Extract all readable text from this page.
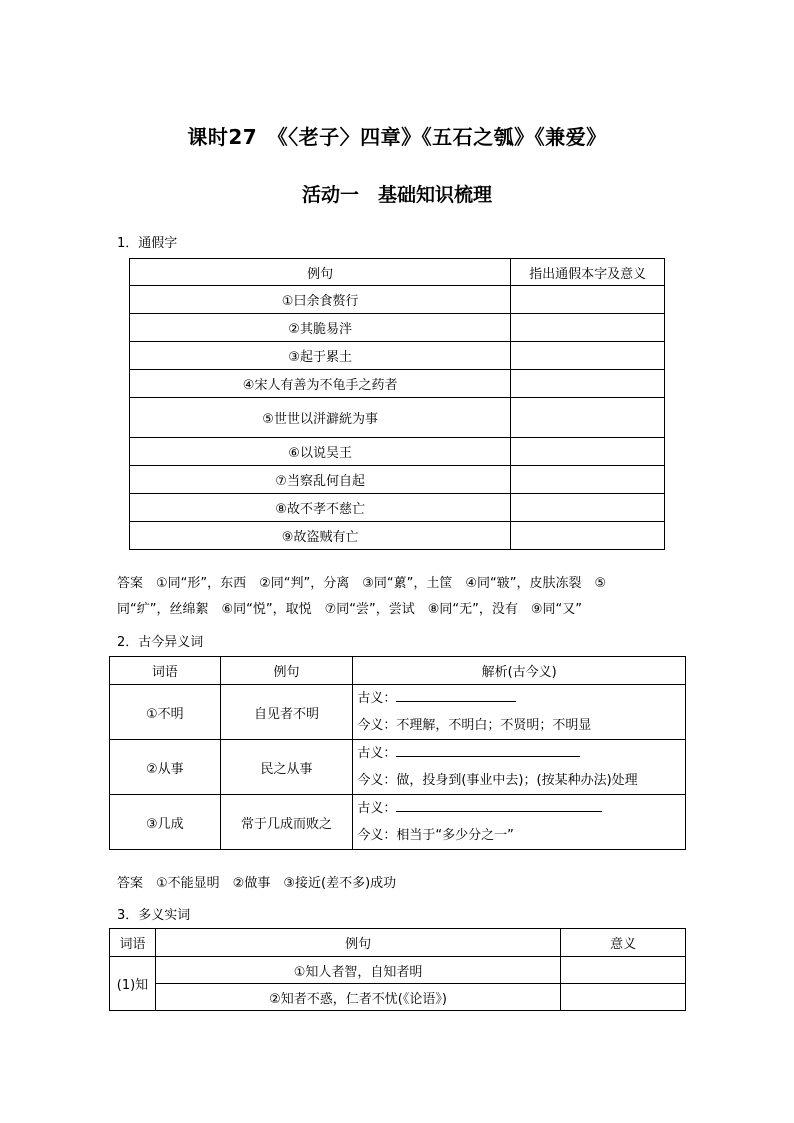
课时27　《〈老子〉四章》《五石之瓠》《兼爱》
活动一　基础知识梳理
1．通假字
例句	指出通假本字及意义
①曰余食赘行	
②其脆易泮	
③起于累土	
④宋人有善为不龟手之药者	
⑤世世以洴澼絖为事	
⑥以说吴王	
⑦当察乱何自起	
⑧故不孝不慈亡	
⑨故盗贼有亡	
答案　 ①同“形”，东西　②同“判”，分离　③同“蔂”，土筐　④同“皲”，皮肤冻裂　⑤
同“纩”，丝绵絮　⑥同“悦”，取悦　⑦同“尝”，尝试　⑧同“无”，没有　⑨同“又”
2．古今异义词
词语	例句	解析(古今义)
①不明	自见者不明	古义：
今义：不理解，不明白；不贤明；不明显

②从事	民之从事	古义：
今义：做，投身到(事业中去)；(按某种办法)处理

③几成	常于几成而败之	古义：
今义：相当于“多少分之一”
答案　 ①不能显明　②做事　③接近(差不多)成功
3．多义实词
词语	例句	意义
(1)知	①知人者智，自知者明	
	②知者不惑，仁者不忧(《论语》)	
